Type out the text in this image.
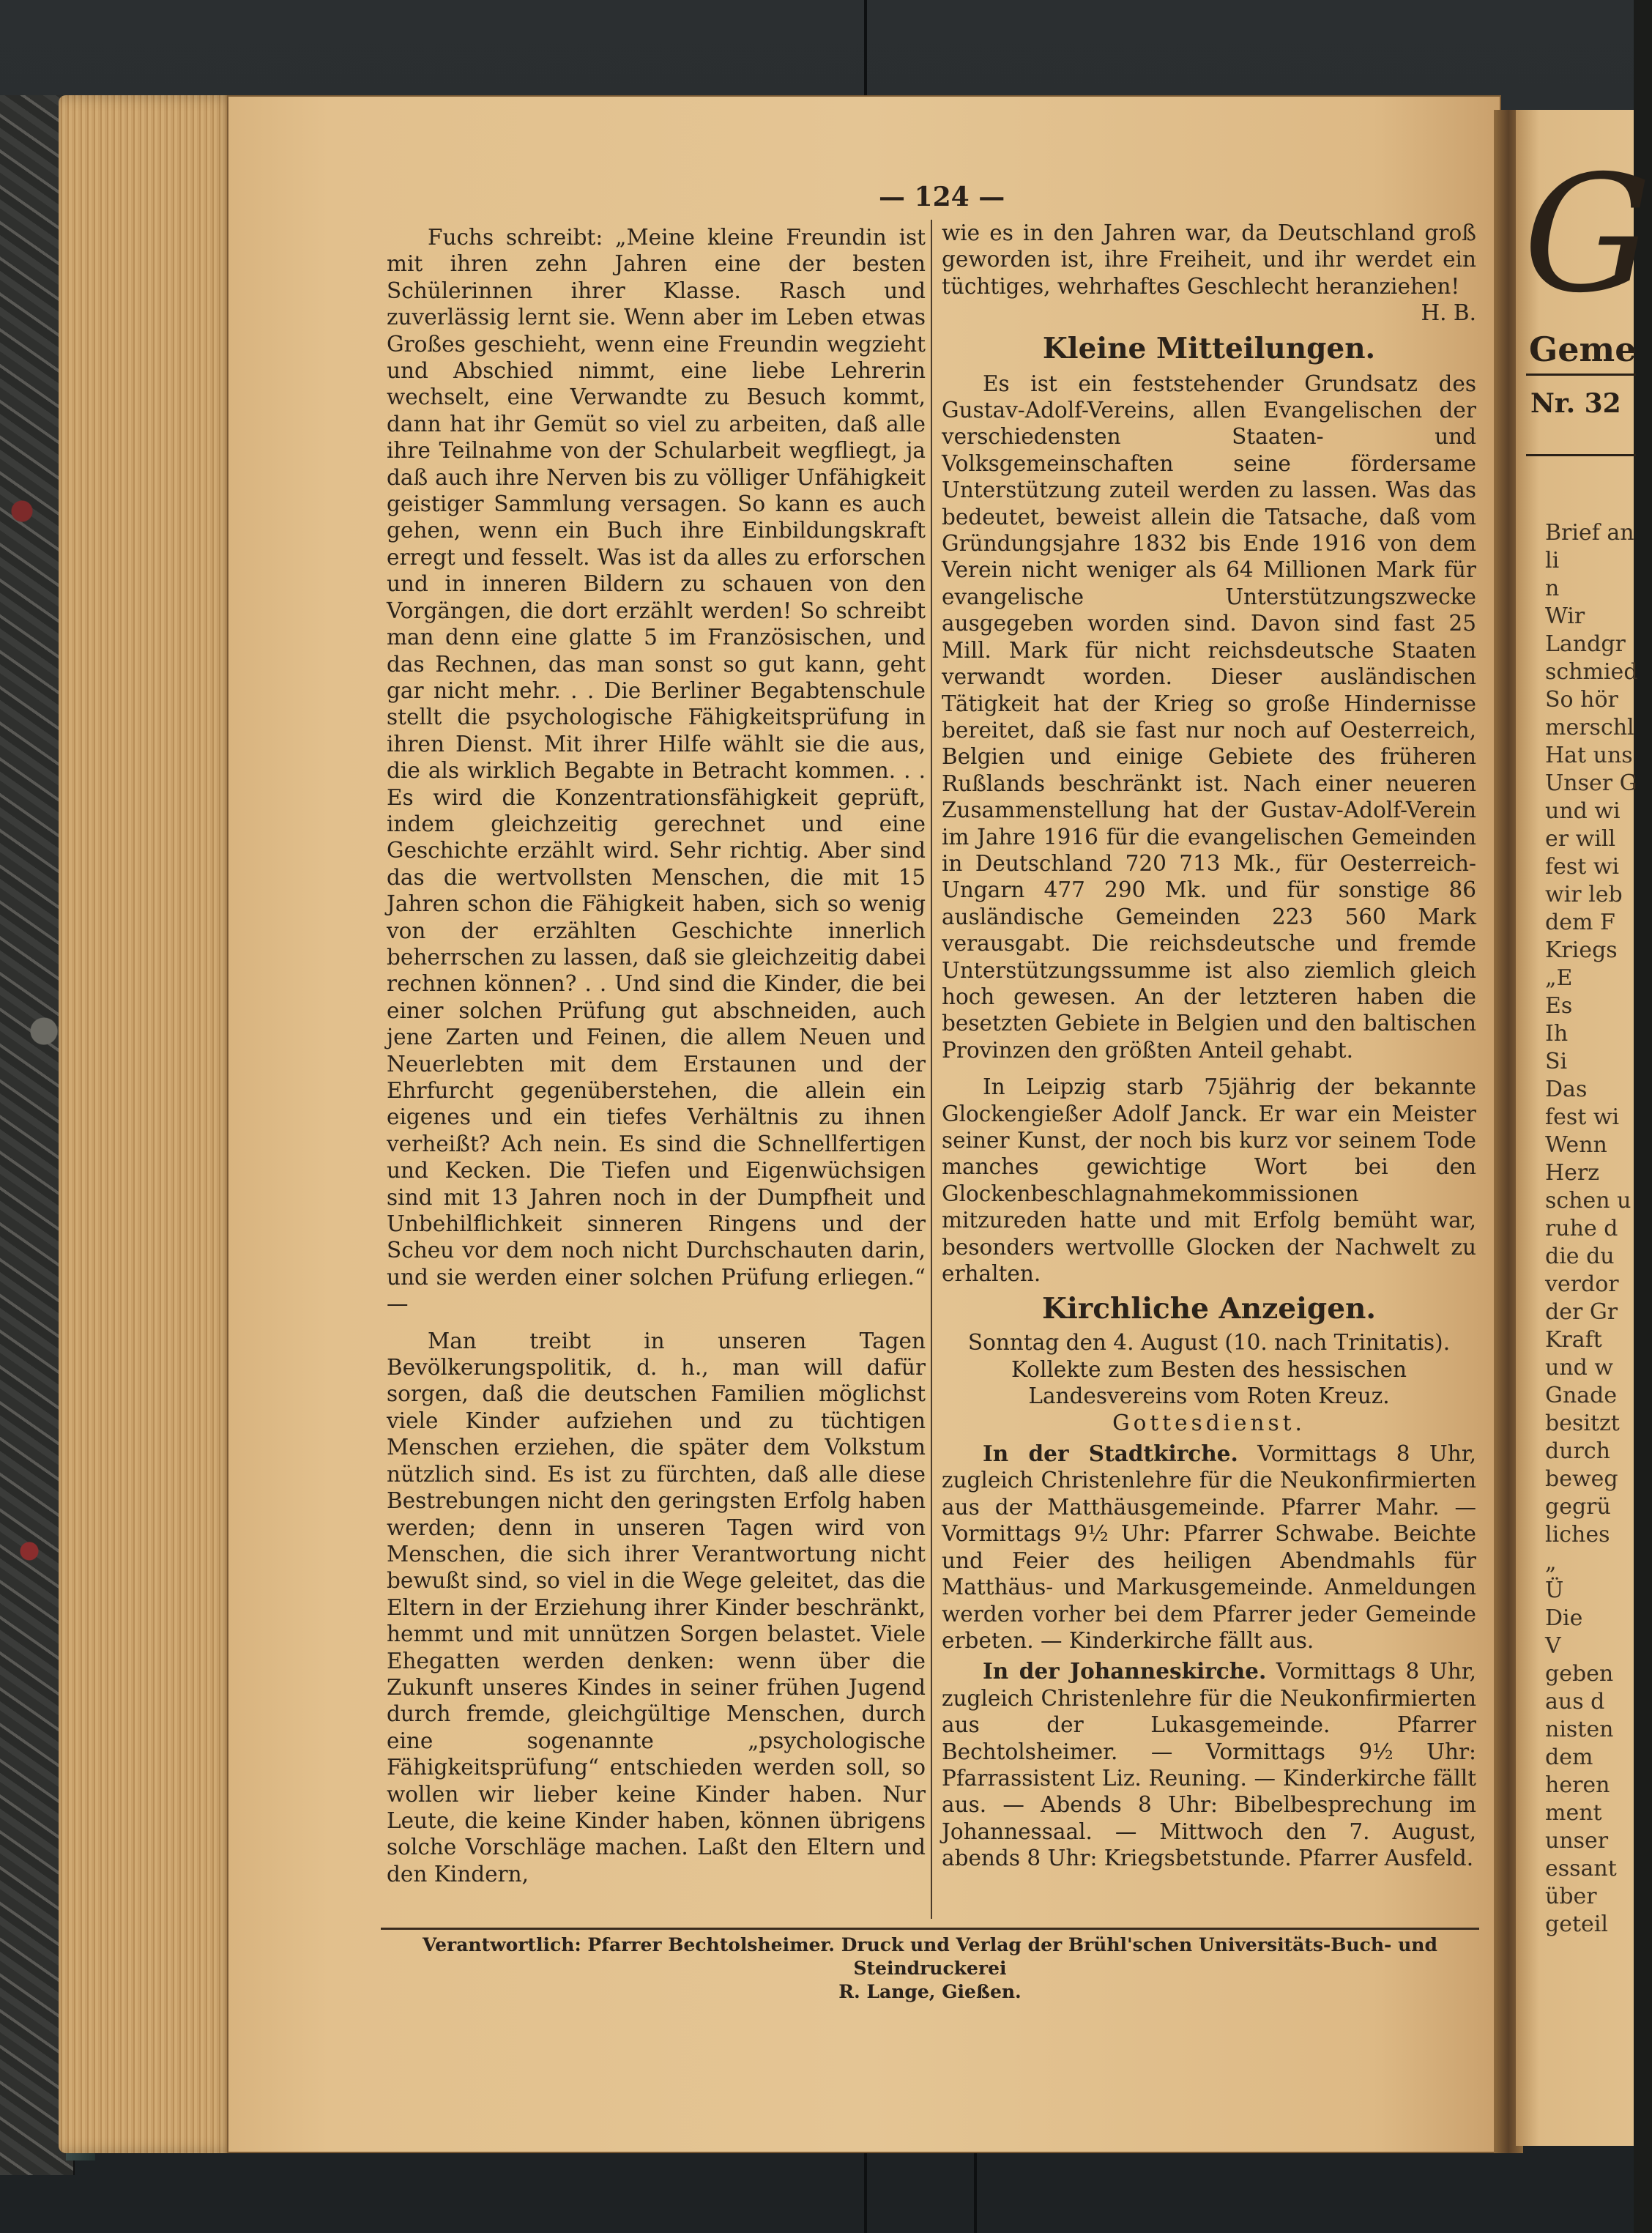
G
Geme
Nr. 32
Brief an
li
n
Wir
Landgr
schmied
So hör
merschl
Hat uns
Unser G
und wi
er will
fest wi
wir leb
dem F
Kriegs
„E
Es
Ih
Si
Das
fest wi
Wenn
Herz
schen u
ruhe d
die du
verdor
der Gr
Kraft
und w
Gnade
besitzt
durch
beweg
gegrü
liches
„
Ü
Die
V
geben
aus d
nisten
dem
heren
ment
unser
essant
über
geteil
— 124 —

Fuchs schreibt: „Meine kleine Freundin ist mit ihren zehn Jahren eine der besten Schülerinnen ihrer Klasse. Rasch und zuverlässig lernt sie. Wenn aber im Leben etwas Großes geschieht, wenn eine Freundin wegzieht und Abschied nimmt, eine liebe Lehrerin wechselt, eine Verwandte zu Besuch kommt, dann hat ihr Gemüt so viel zu arbeiten, daß alle ihre Teilnahme von der Schularbeit wegfliegt, ja daß auch ihre Nerven bis zu völliger Unfähigkeit geistiger Sammlung versagen. So kann es auch gehen, wenn ein Buch ihre Einbildungskraft erregt und fesselt. Was ist da alles zu erforschen und in inneren Bildern zu schauen von den Vorgängen, die dort erzählt werden! So schreibt man denn eine glatte 5 im Französischen, und das Rechnen, das man sonst so gut kann, geht gar nicht mehr. . . Die Berliner Begabtenschule stellt die psychologische Fähigkeitsprüfung in ihren Dienst. Mit ihrer Hilfe wählt sie die aus, die als wirklich Begabte in Betracht kommen. . . Es wird die Konzentrationsfähigkeit geprüft, indem gleichzeitig gerechnet und eine Geschichte erzählt wird. Sehr richtig. Aber sind das die wertvollsten Menschen, die mit 15 Jahren schon die Fähigkeit haben, sich so wenig von der erzählten Geschichte innerlich beherrschen zu lassen, daß sie gleichzeitig dabei rechnen können? . . Und sind die Kinder, die bei einer solchen Prüfung gut abschneiden, auch jene Zarten und Feinen, die allem Neuen und Neuerlebten mit dem Erstaunen und der Ehrfurcht gegenüberstehen, die allein ein eigenes und ein tiefes Verhältnis zu ihnen verheißt? Ach nein. Es sind die Schnellfertigen und Kecken. Die Tiefen und Eigenwüchsigen sind mit 13 Jahren noch in der Dumpfheit und Unbehilflichkeit sinneren Ringens und der Scheu vor dem noch nicht Durchschauten darin, und sie werden einer solchen Prüfung erliegen.“ —

Man treibt in unseren Tagen Bevölkerungspolitik, d. h., man will dafür sorgen, daß die deutschen Familien möglichst viele Kinder aufziehen und zu tüchtigen Menschen erziehen, die später dem Volkstum nützlich sind. Es ist zu fürchten, daß alle diese Bestrebungen nicht den geringsten Erfolg haben werden; denn in unseren Tagen wird von Menschen, die sich ihrer Verantwortung nicht bewußt sind, so viel in die Wege geleitet, das die Eltern in der Erziehung ihrer Kinder beschränkt, hemmt und mit unnützen Sorgen belastet. Viele Ehegatten werden denken: wenn über die Zukunft unseres Kindes in seiner frühen Jugend durch fremde, gleichgültige Menschen, durch eine sogenannte „psychologische Fähigkeitsprüfung“ entschieden werden soll, so wollen wir lieber keine Kinder haben. Nur Leute, die keine Kinder haben, können übrigens solche Vorschläge machen. Laßt den Eltern und den Kindern,

wie es in den Jahren war, da Deutschland groß geworden ist, ihre Freiheit, und ihr werdet ein tüchtiges, wehrhaftes Geschlecht heranziehen!
H. B.

Kleine Mitteilungen.

Es ist ein feststehender Grundsatz des Gustav-Adolf-Vereins, allen Evangelischen der verschiedensten Staaten- und Volksgemeinschaften seine fördersame Unterstützung zuteil werden zu lassen. Was das bedeutet, beweist allein die Tatsache, daß vom Gründungsjahre 1832 bis Ende 1916 von dem Verein nicht weniger als 64 Millionen Mark für evangelische Unterstützungszwecke ausgegeben worden sind. Davon sind fast 25 Mill. Mark für nicht reichsdeutsche Staaten verwandt worden. Dieser ausländischen Tätigkeit hat der Krieg so große Hindernisse bereitet, daß sie fast nur noch auf Oesterreich, Belgien und einige Gebiete des früheren Rußlands beschränkt ist. Nach einer neueren Zusammenstellung hat der Gustav-Adolf-Verein im Jahre 1916 für die evangelischen Gemeinden in Deutschland 720 713 Mk., für Oesterreich-Ungarn 477 290 Mk. und für sonstige 86 ausländische Gemeinden 223 560 Mark verausgabt. Die reichsdeutsche und fremde Unterstützungssumme ist also ziemlich gleich hoch gewesen. An der letzteren haben die besetzten Gebiete in Belgien und den baltischen Provinzen den größten Anteil gehabt.

In Leipzig starb 75jährig der bekannte Glockengießer Adolf Janck. Er war ein Meister seiner Kunst, der noch bis kurz vor seinem Tode manches gewichtige Wort bei den Glockenbeschlagnahmekommissionen mitzureden hatte und mit Erfolg bemüht war, besonders wertvollle Glocken der Nachwelt zu erhalten.

Kirchliche Anzeigen.

Sonntag den 4. August (10. nach Trinitatis).

Kollekte zum Besten des hessischen Landesvereins vom Roten Kreuz.

Gottesdienst.

In der Stadtkirche. Vormittags 8 Uhr, zugleich Christenlehre für die Neukonfirmierten aus der Matthäusgemeinde. Pfarrer Mahr. — Vormittags 9½ Uhr: Pfarrer Schwabe. Beichte und Feier des heiligen Abendmahls für Matthäus- und Markusgemeinde. Anmeldungen werden vorher bei dem Pfarrer jeder Gemeinde erbeten. — Kinderkirche fällt aus.

In der Johanneskirche. Vormittags 8 Uhr, zugleich Christenlehre für die Neukonfirmierten aus der Lukasgemeinde. Pfarrer Bechtolsheimer. — Vormittags 9½ Uhr: Pfarrassistent Liz. Reuning. — Kinderkirche fällt aus. — Abends 8 Uhr: Bibelbesprechung im Johannessaal. — Mittwoch den 7. August, abends 8 Uhr: Kriegsbetstunde. Pfarrer Ausfeld.

Verantwortlich: Pfarrer Bechtolsheimer. Druck und Verlag der Brühl'schen Universitäts-Buch- und Steindruckerei
R. Lange, Gießen.
